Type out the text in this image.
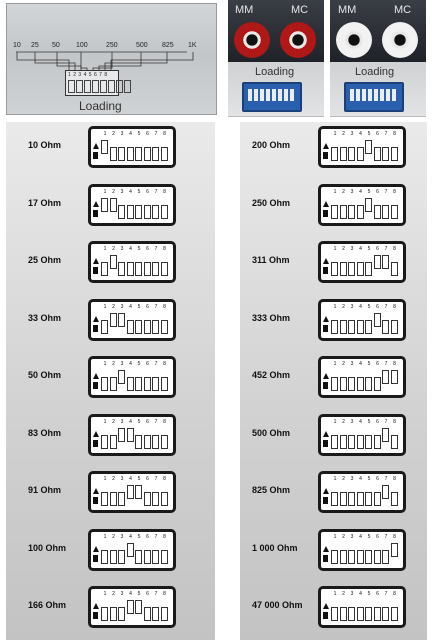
10 25 50 100	250	500 825 1K
12345678
Loading
MM	MC
Loading
MM	MC
Loading
10 Ohm
1	2	3	4	5	6	7	8
17 Ohm
1	2	3	4	5	6	7	8
25 Ohm
1	2	3	4	5	6	7	8
33 Ohm
1	2	3	4	5	6	7	8
50 Ohm
1	2	3	4	5	6	7	8
83 Ohm
1	2	3	4	5	6	7	8
91 Ohm
1	2	3	4	5	6	7	8
100 Ohm
1	2	3	4	5	6	7	8
166 Ohm
1	2	3	4	5	6	7	8
200 Ohm
1	2	3	4	5	6	7	8
250 Ohm
1	2	3	4	5	6	7	8
311 Ohm
1	2	3	4	5	6	7	8
333 Ohm
1	2	3	4	5	6	7	8
452 Ohm
1	2	3	4	5	6	7	8
500 Ohm
1	2	3	4	5	6	7	8
825 Ohm
1	2	3	4	5	6	7	8
1 000 Ohm
1	2	3	4	5	6	7	8
47 000 Ohm
1	2	3	4	5	6	7	8
